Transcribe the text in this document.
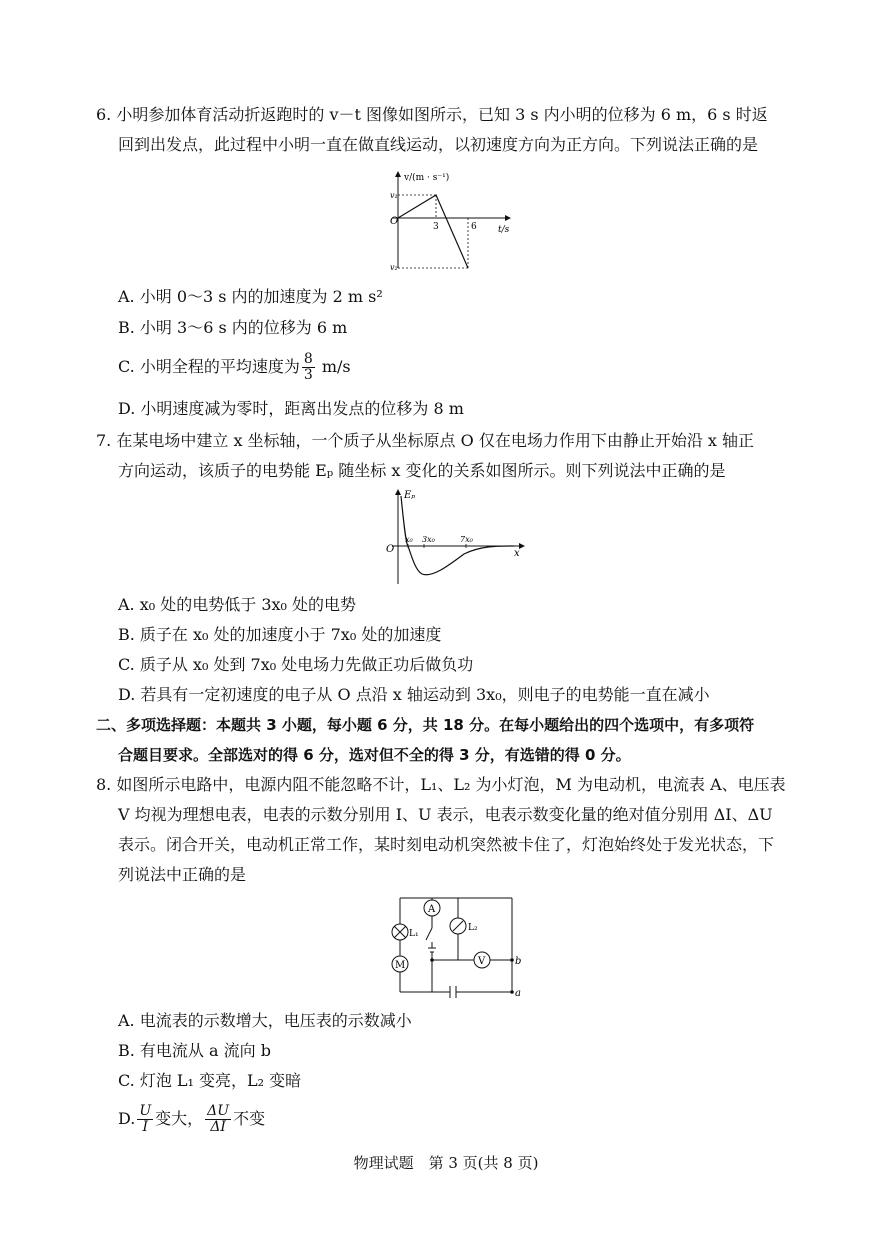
6. 小明参加体育活动折返跑时的 v－t 图像如图所示，已知 3 s 内小明的位移为 6 m，6 s 时返
回到出发点，此过程中小明一直在做直线运动，以初速度方向为正方向。下列说法正确的是
v/(m · s⁻¹)
t/s
O
v₁
v₂
3	6
A. 小明 0～3 s 内的加速度为 2 m s²
B. 小明 3～6 s 内的位移为 6 m
C. 小明全程的平均速度为 $\frac{8}{3} m/s$
D. 小明速度减为零时，距离出发点的位移为 8 m
7. 在某电场中建立 x 坐标轴，一个质子从坐标原点 O 仅在电场力作用下由静止开始沿 x 轴正
方向运动，该质子的电势能 Eₚ 随坐标 x 变化的关系如图所示。则下列说法中正确的是
Eₚ
x
O
x₀ 3x₀	7x₀
A. x₀ 处的电势低于 3x₀ 处的电势
B. 质子在 x₀ 处的加速度小于 7x₀ 处的加速度
C. 质子从 x₀ 处到 7x₀ 处电场力先做正功后做负功
D. 若具有一定初速度的电子从 O 点沿 x 轴运动到 3x₀，则电子的电势能一直在减小
二、多项选择题：本题共 3 小题，每小题 6 分，共 18 分。在每小题给出的四个选项中，有多项符
合题目要求。全部选对的得 6 分，选对但不全的得 3 分，有选错的得 0 分。
8. 如图所示电路中，电源内阻不能忽略不计，L₁、L₂ 为小灯泡，M 为电动机，电流表 A、电压表
V 均视为理想电表，电表的示数分别用 I、U 表示，电表示数变化量的绝对值分别用 ΔI、ΔU
表示。闭合开关，电动机正常工作，某时刻电动机突然被卡住了，灯泡始终处于发光状态，下
列说法中正确的是
A
L₁
M
L₂
V	b
a
A. 电流表的示数增大，电压表的示数减小
B. 有电流从 a 流向 b
C. 灯泡 L₁ 变亮，L₂ 变暗
D. $\frac{U}{I}$ 变大， $\frac{\Delta U}{\Delta I}$ 不变
物理试题　第 3 页(共 8 页)
